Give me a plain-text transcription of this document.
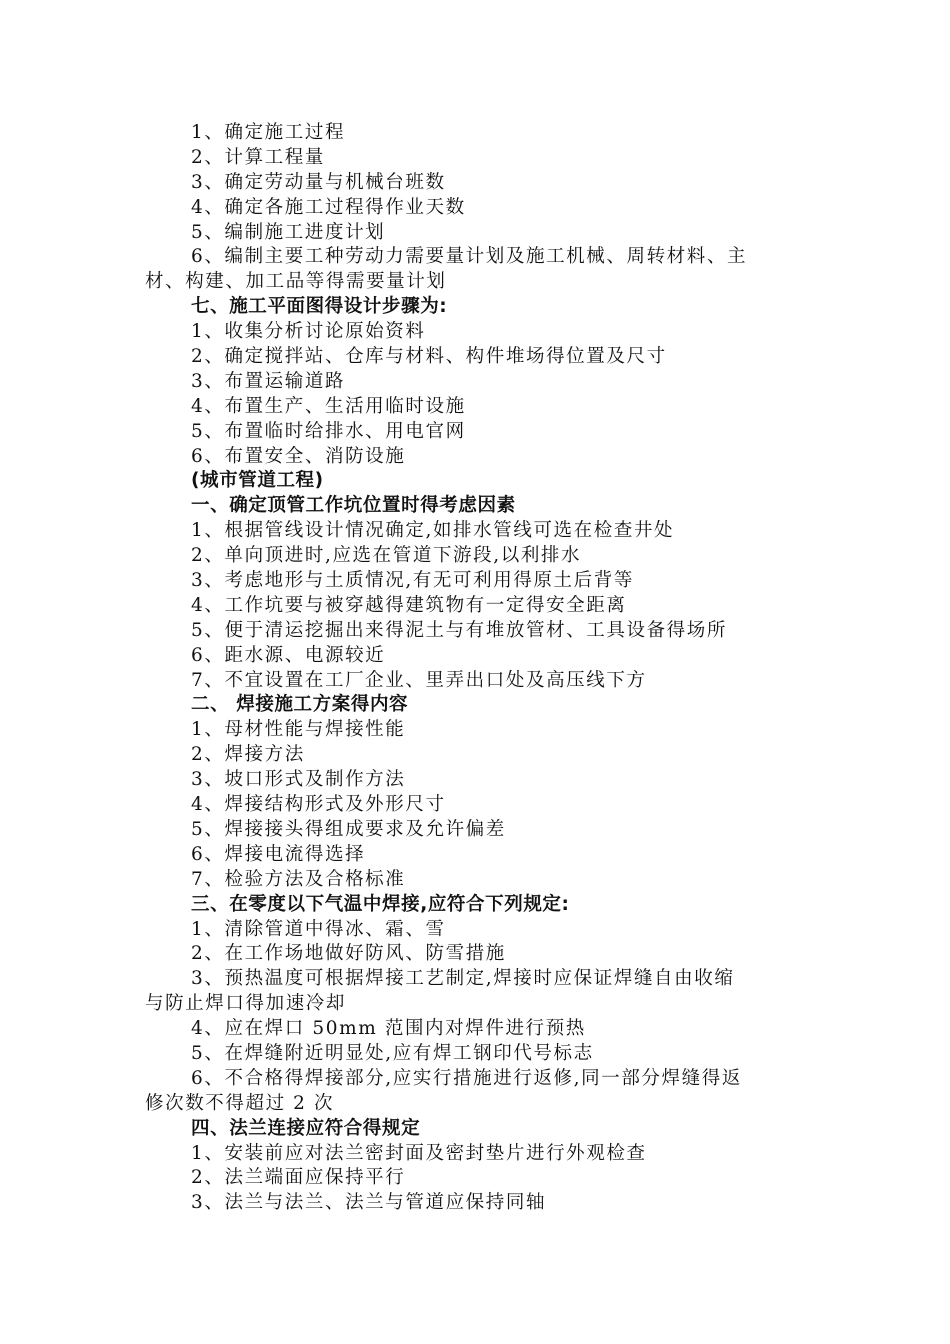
1、确定施工过程
2、计算工程量
3、确定劳动量与机械台班数
4、确定各施工过程得作业天数
5、编制施工进度计划
6、编制主要工种劳动力需要量计划及施工机械、周转材料、主
材、构建、加工品等得需要量计划
七、施工平面图得设计步骤为:
1、收集分析讨论原始资料
2、确定搅拌站、仓库与材料、构件堆场得位置及尺寸
3、布置运输道路
4、布置生产、生活用临时设施
5、布置临时给排水、用电官网
6、布置安全、消防设施
(城市管道工程)
一、确定顶管工作坑位置时得考虑因素
1、根据管线设计情况确定,如排水管线可选在检查井处
2、单向顶进时,应选在管道下游段,以利排水
3、考虑地形与土质情况,有无可利用得原土后背等
4、工作坑要与被穿越得建筑物有一定得安全距离
5、便于清运挖掘出来得泥土与有堆放管材、工具设备得场所
6、距水源、电源较近
7、不宜设置在工厂企业、里弄出口处及高压线下方
二、 焊接施工方案得内容
1、母材性能与焊接性能
2、焊接方法
3、坡口形式及制作方法
4、焊接结构形式及外形尺寸
5、焊接接头得组成要求及允许偏差
6、焊接电流得选择
7、检验方法及合格标准
三、在零度以下气温中焊接,应符合下列规定:
1、清除管道中得冰、霜、雪
2、在工作场地做好防风、防雪措施
3、预热温度可根据焊接工艺制定,焊接时应保证焊缝自由收缩
与防止焊口得加速冷却
4、应在焊口 50mm 范围内对焊件进行预热
5、在焊缝附近明显处,应有焊工钢印代号标志
6、不合格得焊接部分,应实行措施进行返修,同一部分焊缝得返
修次数不得超过 2 次
四、法兰连接应符合得规定
1、安装前应对法兰密封面及密封垫片进行外观检查
2、法兰端面应保持平行
3、法兰与法兰、法兰与管道应保持同轴
